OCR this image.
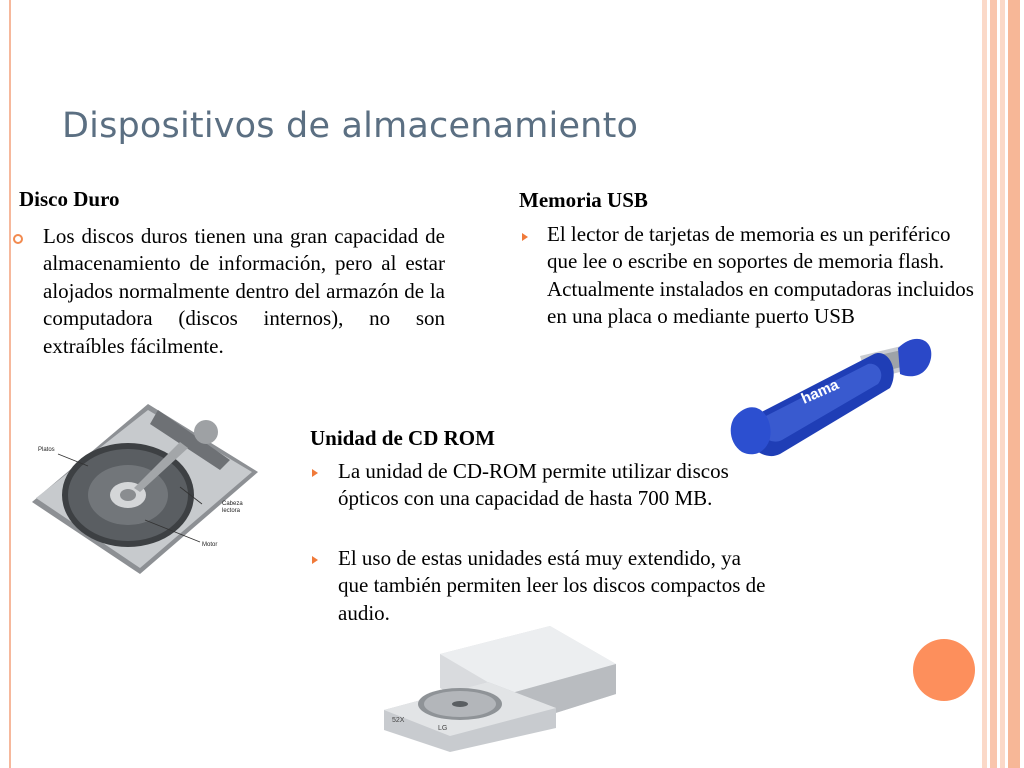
Dispositivos de almacenamiento
Disco Duro
Los discos duros tienen una gran capacidad de almacenamiento de información, pero al estar alojados normalmente dentro del armazón de la computadora (discos internos), no son extraíbles fácilmente.
Memoria USB
El lector de tarjetas de memoria es un periférico que lee o escribe en soportes de memoria flash. Actualmente instalados en computadoras incluidos en una placa o mediante puerto USB
Platos
Cabeza
lectora
Motor
hama
Unidad de CD ROM
La unidad de CD-ROM permite utilizar discos ópticos con una capacidad de hasta 700 MB.
El uso de estas unidades está muy extendido, ya que también permiten leer los discos compactos de audio.
52X
LG
